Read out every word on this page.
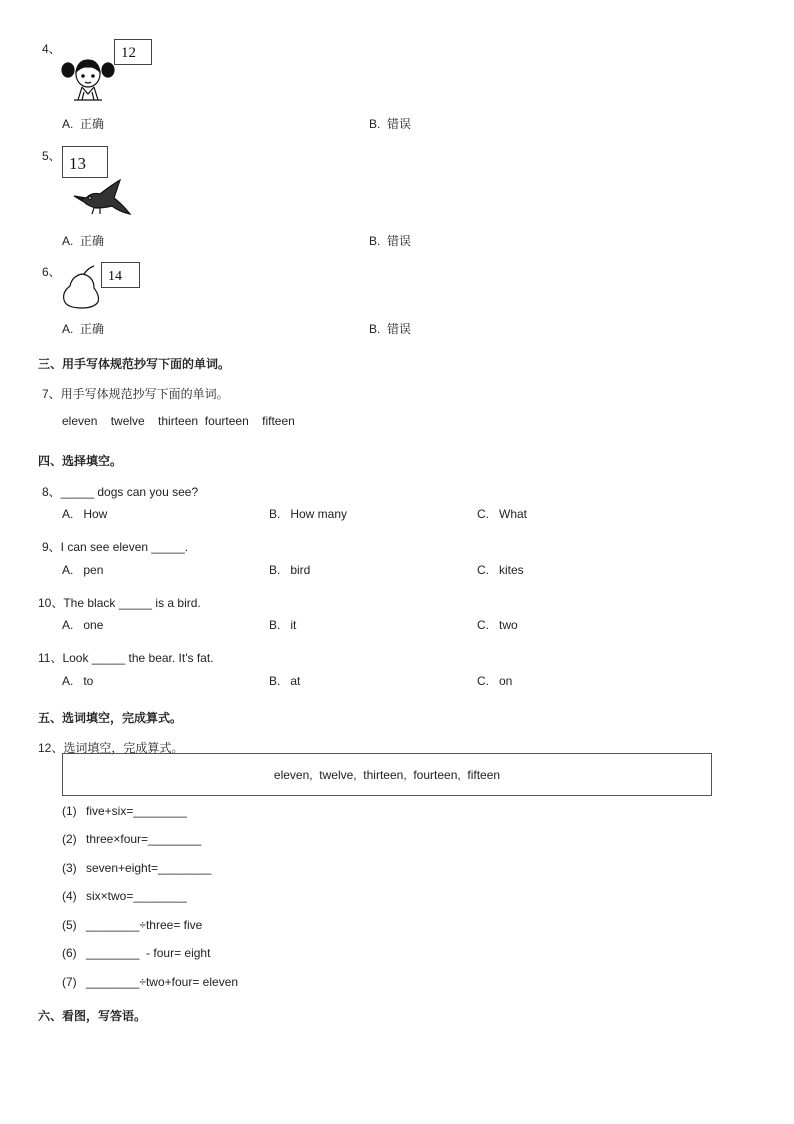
4、	12
A.  正确	B.  错误
5、 13
A.  正确	B.  错误
6、	14
A.  正确	B.  错误
三、用手写体规范抄写下面的单词。
7、用手写体规范抄写下面的单词。
eleven    twelve    thirteen  fourteen    fifteen
四、选择填空。
8、_____ dogs can you see?
A.   How	B.   How many	C.   What
9、I can see eleven _____.
A.   pen	B.   bird	C.   kites
10、The black _____ is a bird.
A.   one	B.   it	C.   two
11、Look _____ the bear. It's fat.
A.   to	B.   at	C.   on
五、选词填空，完成算式。
12、选词填空，完成算式。
eleven,  twelve,  thirteen,  fourteen,  fifteen
(1) five+six=________
(2) three×four=________
(3) seven+eight=________
(4) six×two=________
(5) ________÷three= five
(6) ________  - four= eight
(7) ________÷two+four= eleven
六、看图，写答语。
